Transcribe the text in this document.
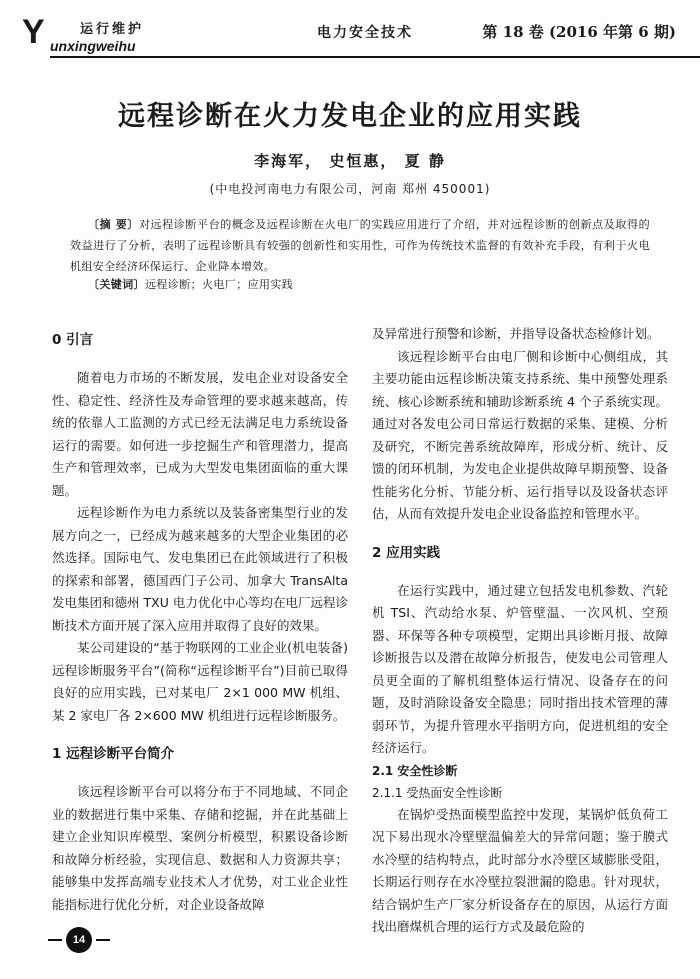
Y	运行维护
unxingweihu
电力安全技术	第 18 卷 (2016 年第 6 期)
远程诊断在火力发电企业的应用实践
李海军， 史恒惠， 夏 静
(中电投河南电力有限公司，河南 郑州 450001)
〔摘 要〕对远程诊断平台的概念及远程诊断在火电厂的实践应用进行了介绍，并对远程诊断的创新点及取得的效益进行了分析，表明了远程诊断具有较强的创新性和实用性，可作为传统技术监督的有效补充手段，有利于火电机组安全经济环保运行、企业降本增效。
〔关键词〕远程诊断；火电厂；应用实践
0 引言

随着电力市场的不断发展，发电企业对设备安全性、稳定性、经济性及寿命管理的要求越来越高，传统的依靠人工监测的方式已经无法满足电力系统设备运行的需要。如何进一步挖掘生产和管理潜力，提高生产和管理效率，已成为大型发电集团面临的重大课题。

远程诊断作为电力系统以及装备密集型行业的发展方向之一，已经成为越来越多的大型企业集团的必然选择。国际电气、发电集团已在此领域进行了积极的探索和部署，德国西门子公司、加拿大 TransAlta 发电集团和德州 TXU 电力优化中心等均在电厂远程诊断技术方面开展了深入应用并取得了良好的效果。

某公司建设的“基于物联网的工业企业(机电装备)远程诊断服务平台”(简称“远程诊断平台”)目前已取得良好的应用实践，已对某电厂 2×1 000 MW 机组、某 2 家电厂各 2×600 MW 机组进行远程诊断服务。

1 远程诊断平台简介

该远程诊断平台可以将分布于不同地域、不同企业的数据进行集中采集、存储和挖掘，并在此基础上建立企业知识库模型、案例分析模型，积累设备诊断和故障分析经验，实现信息、数据和人力资源共享；能够集中发挥高端专业技术人才优势，对工业企业性能指标进行优化分析，对企业设备故障

及异常进行预警和诊断，并指导设备状态检修计划。

该远程诊断平台由电厂侧和诊断中心侧组成，其主要功能由远程诊断决策支持系统、集中预警处理系统、核心诊断系统和辅助诊断系统 4 个子系统实现。通过对各发电公司日常运行数据的采集、建模、分析及研究，不断完善系统故障库，形成分析、统计、反馈的闭环机制，为发电企业提供故障早期预警、设备性能劣化分析、节能分析、运行指导以及设备状态评估，从而有效提升发电企业设备监控和管理水平。

2 应用实践

在运行实践中，通过建立包括发电机参数、汽轮机 TSI、汽动给水泵、炉管壁温、一次风机、空预器、环保等各种专项模型，定期出具诊断月报、故障诊断报告以及潜在故障分析报告，使发电公司管理人员更全面的了解机组整体运行情况、设备存在的问题，及时消除设备安全隐患；同时指出技术管理的薄弱环节，为提升管理水平指明方向，促进机组的安全经济运行。

2.1 安全性诊断
2.1.1 受热面安全性诊断

在锅炉受热面模型监控中发现，某锅炉低负荷工况下易出现水冷壁壁温偏差大的异常问题；鉴于膜式水冷壁的结构特点，此时部分水冷壁区域膨胀受阻，长期运行则存在水冷壁拉裂泄漏的隐患。针对现状，结合锅炉生产厂家分析设备存在的原因，从运行方面找出磨煤机合理的运行方式及最危险的

14
